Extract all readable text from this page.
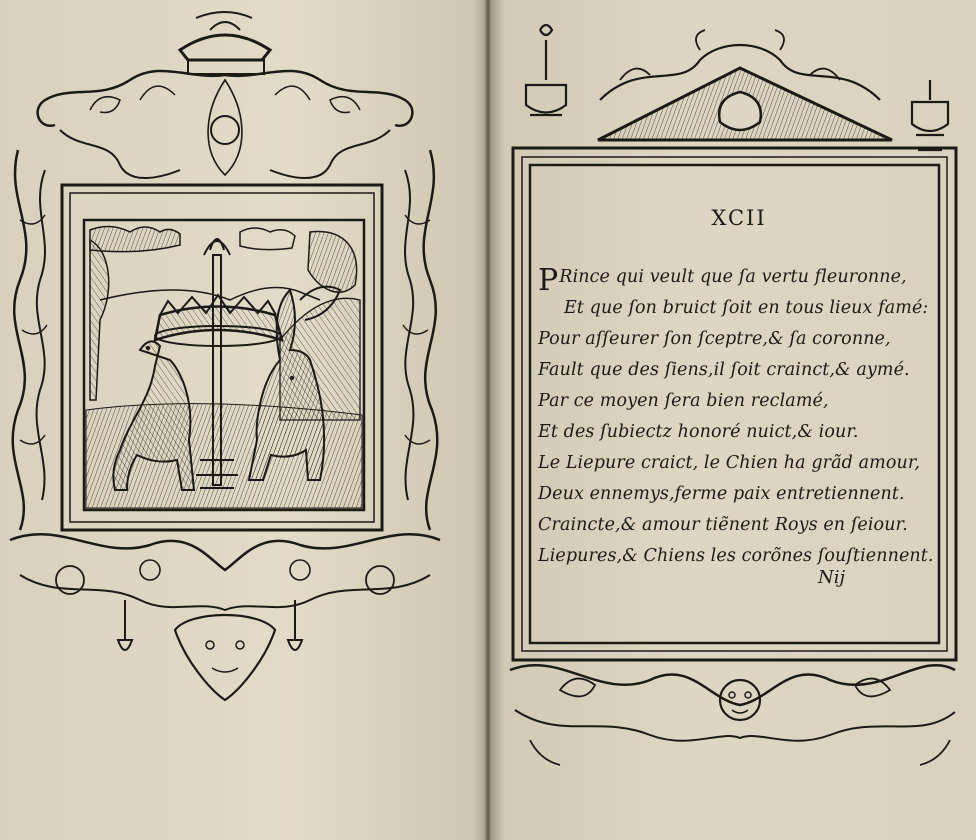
XCII
P Rince qui veult que ſa vertu fleuronne,
Et que ſon bruict ſoit en tous lieux famé:
Pour aſſeurer ſon ſceptre,& ſa coronne,
Fault que des ſiens,il ſoit crainct,& aymé.
Par ce moyen ſera bien reclamé,
Et des ſubiectz honoré nuict,& iour.
Le Liepure craict, le Chien ha grãd amour,
Deux ennemys,ferme paix entretiennent.
Craincte,& amour tiẽnent Roys en ſeiour.
Liepures,& Chiens les corõnes ſouſtiennent.
Nij
